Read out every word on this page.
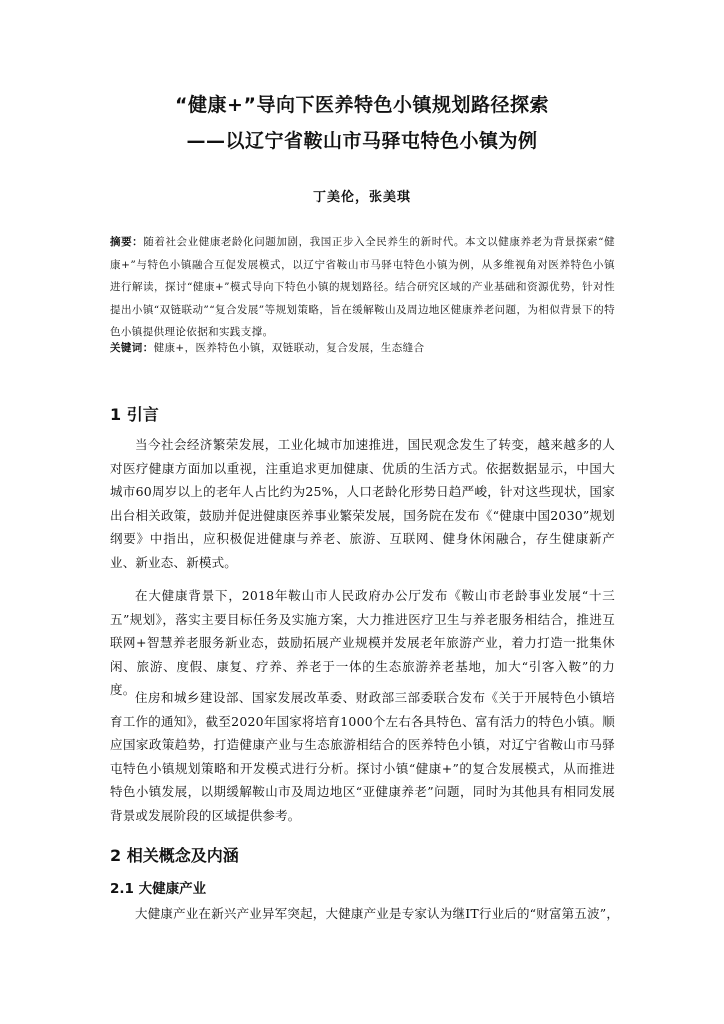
“健康+”导向下医养特色小镇规划路径探索
——以辽宁省鞍山市马驿屯特色小镇为例
丁美伦，张美琪
摘要：随着社会业健康老龄化问题加剧，我国正步入全民养生的新时代。本文以健康养老为背景探索“健康+”与特色小镇融合互促发展模式，以辽宁省鞍山市马驿屯特色小镇为例，从多维视角对医养特色小镇进行解读，探讨“健康+”模式导向下特色小镇的规划路径。结合研究区域的产业基础和资源优势，针对性提出小镇“双链联动”“复合发展”等规划策略，旨在缓解鞍山及周边地区健康养老问题，为相似背景下的特色小镇提供理论依据和实践支撑。
关键词：健康+，医养特色小镇，双链联动，复合发展，生态缝合
1 引言

当今社会经济繁荣发展，工业化城市加速推进，国民观念发生了转变，越来越多的人对医疗健康方面加以重视，注重追求更加健康、优质的生活方式。依据数据显示，中国大城市60周岁以上的老年人占比约为25%，人口老龄化形势日趋严峻，针对这些现状，国家出台相关政策，鼓励并促进健康医养事业繁荣发展，国务院在发布《“健康中国2030”规划纲要》中指出，应积极促进健康与养老、旅游、互联网、健身休闲融合，存生健康新产业、新业态、新模式。

在大健康背景下，2018年鞍山市人民政府办公厅发布《鞍山市老龄事业发展“十三五”规划》，落实主要目标任务及实施方案，大力推进医疗卫生与养老服务相结合，推进互联网+智慧养老服务新业态，鼓励拓展产业规模并发展老年旅游产业，着力打造一批集休闲、旅游、度假、康复、疗养、养老于一体的生态旅游养老基地，加大“引客入鞍”的力度。

住房和城乡建设部、国家发展改革委、财政部三部委联合发布《关于开展特色小镇培育工作的通知》，截至2020年国家将培育1000个左右各具特色、富有活力的特色小镇。顺应国家政策趋势，打造健康产业与生态旅游相结合的医养特色小镇，对辽宁省鞍山市马驿屯特色小镇规划策略和开发模式进行分析。探讨小镇“健康+”的复合发展模式，从而推进特色小镇发展，以期缓解鞍山市及周边地区“亚健康养老”问题，同时为其他具有相同发展背景或发展阶段的区域提供参考。

2 相关概念及内涵
2.1 大健康产业

大健康产业在新兴产业异军突起，大健康产业是专家认为继IT行业后的“财富第五波”，
